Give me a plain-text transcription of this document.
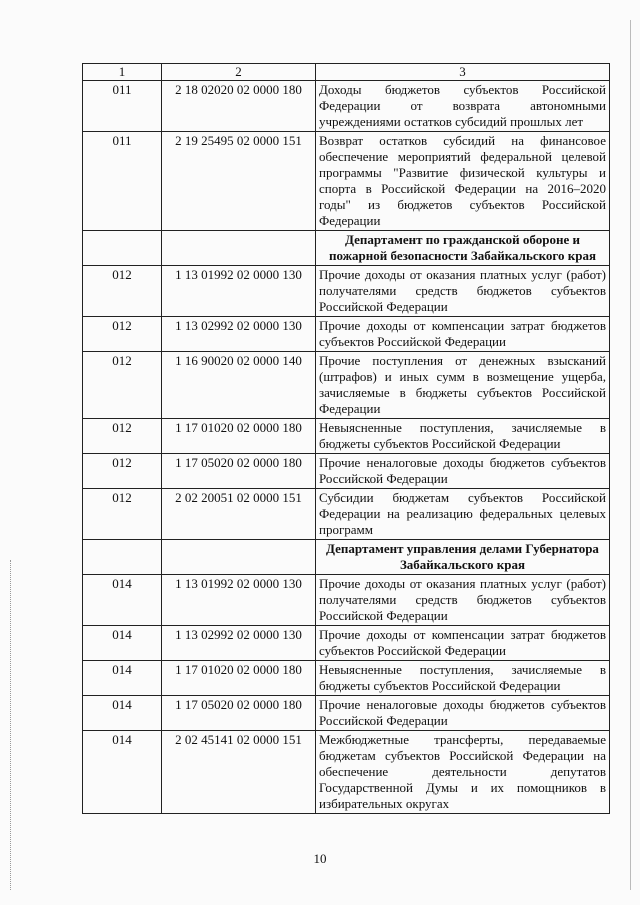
1	2	3
011	2 18 02020 02 0000 180	Доходы бюджетов субъектов Российской Федерации от возврата автономными учреждениями остатков субсидий прошлых лет
011	2 19 25495 02 0000 151	Возврат остатков субсидий на финансовое обеспечение мероприятий федеральной целевой программы "Развитие физической культуры и спорта в Российской Федерации на 2016–2020 годы" из бюджетов субъектов Российской Федерации
		Департамент по гражданской обороне и пожарной безопасности Забайкальского края
012	1 13 01992 02 0000 130	Прочие доходы от оказания платных услуг (работ) получателями средств бюджетов субъектов Российской Федерации
012	1 13 02992 02 0000 130	Прочие доходы от компенсации затрат бюджетов субъектов Российской Федерации
012	1 16 90020 02 0000 140	Прочие поступления от денежных взысканий (штрафов) и иных сумм в возмещение ущерба, зачисляемые в бюджеты субъектов Российской Федерации
012	1 17 01020 02 0000 180	Невыясненные поступления, зачисляемые в бюджеты субъектов Российской Федерации
012	1 17 05020 02 0000 180	Прочие неналоговые доходы бюджетов субъектов Российской Федерации
012	2 02 20051 02 0000 151	Субсидии бюджетам субъектов Российской Федерации на реализацию федеральных целевых программ
		Департамент управления делами Губернатора Забайкальского края
014	1 13 01992 02 0000 130	Прочие доходы от оказания платных услуг (работ) получателями средств бюджетов субъектов Российской Федерации
014	1 13 02992 02 0000 130	Прочие доходы от компенсации затрат бюджетов субъектов Российской Федерации
014	1 17 01020 02 0000 180	Невыясненные поступления, зачисляемые в бюджеты субъектов Российской Федерации
014	1 17 05020 02 0000 180	Прочие неналоговые доходы бюджетов субъектов Российской Федерации
014	2 02 45141 02 0000 151	Межбюджетные трансферты, передаваемые бюджетам субъектов Российской Федерации на обеспечение деятельности депутатов Государственной Думы и их помощников в избирательных округах
10
